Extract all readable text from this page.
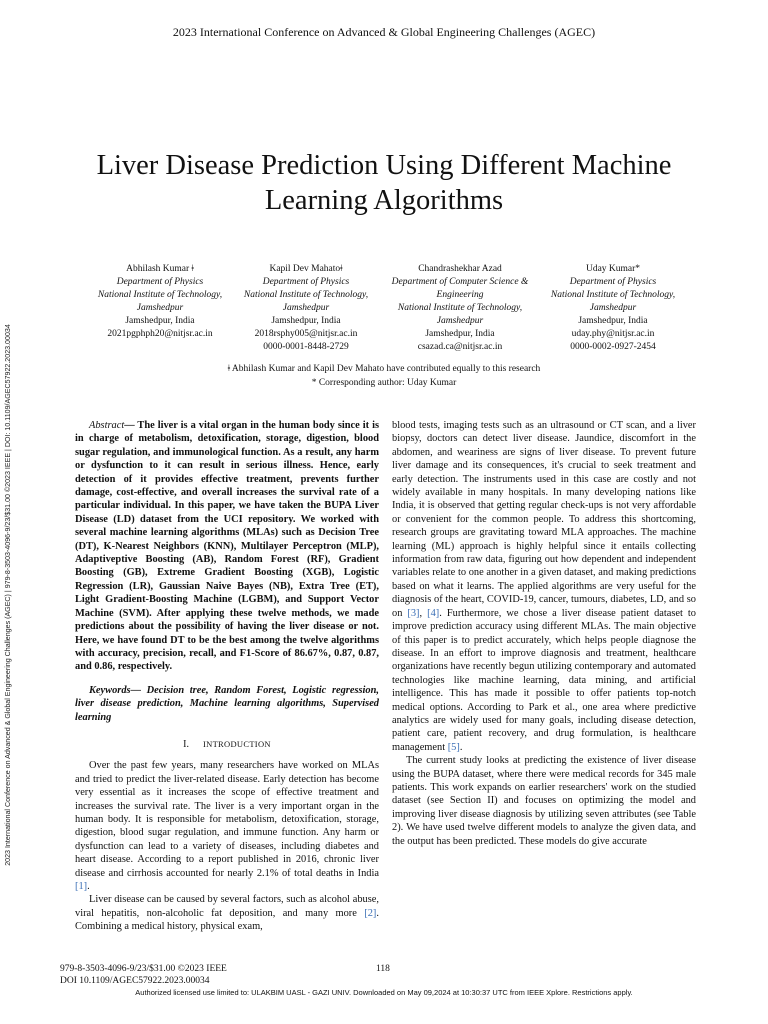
2023 International Conference on Advanced & Global Engineering Challenges (AGEC)
2023 International Conference on Advanced & Global Engineering Challenges (AGEC) | 979-8-3503-4096-9/23/$31.00 ©2023 IEEE | DOI: 10.1109/AGEC57922.2023.00034
Liver Disease Prediction Using Different Machine Learning Algorithms
Abhilash Kumar ǂ
Department of Physics
National Institute of Technology, Jamshedpur
Jamshedpur, India
2021pgphph20@nitjsr.ac.in
Kapil Dev Mahatoǂ
Department of Physics
National Institute of Technology, Jamshedpur
Jamshedpur, India
2018rsphy005@nitjsr.ac.in
0000-0001-8448-2729
Chandrashekhar Azad
Department of Computer Science & Engineering
National Institute of Technology, Jamshedpur
Jamshedpur, India
csazad.ca@nitjsr.ac.in
Uday Kumar*
Department of Physics
National Institute of Technology, Jamshedpur
Jamshedpur, India
uday.phy@nitjsr.ac.in
0000-0002-0927-2454
ǂ Abhilash Kumar and Kapil Dev Mahato have contributed equally to this research
* Corresponding author: Uday Kumar

Abstract— The liver is a vital organ in the human body since it is in charge of metabolism, detoxification, storage, digestion, blood sugar regulation, and immunological function. As a result, any harm or dysfunction to it can result in serious illness. Hence, early detection of it provides effective treatment, prevents further damage, cost-effective, and overall increases the survival rate of a particular individual. In this paper, we have taken the BUPA Liver Disease (LD) dataset from the UCI repository. We worked with several machine learning algorithms (MLAs) such as Decision Tree (DT), K-Nearest Neighbors (KNN), Multilayer Perceptron (MLP), Adaptiveptive Boosting (AB), Random Forest (RF), Gradient Boosting (GB), Extreme Gradient Boosting (XGB), Logistic Regression (LR), Gaussian Naive Bayes (NB), Extra Tree (ET), Light Gradient-Boosting Machine (LGBM), and Support Vector Machine (SVM). After applying these twelve methods, we made predictions about the possibility of having the liver disease or not. Here, we have found DT to be the best among the twelve algorithms with accuracy, precision, recall, and F1-Score of 86.67%, 0.87, 0.87, and 0.86, respectively.

Keywords— Decision tree, Random Forest, Logistic regression, liver disease prediction, Machine learning algorithms, Supervised learning

I. INTRODUCTION

Over the past few years, many researchers have worked on MLAs and tried to predict the liver-related disease. Early detection has become very essential as it increases the scope of effective treatment and increases the survival rate. The liver is a very important organ in the human body. It is responsible for metabolism, detoxification, storage, digestion, blood sugar regulation, and immune function. Any harm or dysfunction can lead to a variety of diseases, including diabetes and heart disease. According to a report published in 2016, chronic liver disease and cirrhosis accounted for nearly 2.1% of total deaths in India [1].

Liver disease can be caused by several factors, such as alcohol abuse, viral hepatitis, non-alcoholic fat deposition, and many more [2]. Combining a medical history, physical exam,

blood tests, imaging tests such as an ultrasound or CT scan, and a liver biopsy, doctors can detect liver disease. Jaundice, discomfort in the abdomen, and weariness are signs of liver disease. To prevent future liver damage and its consequences, it's crucial to seek treatment and early detection. The instruments used in this case are costly and not widely available in many hospitals. In many developing nations like India, it is observed that getting regular check-ups is not very affordable or convenient for the common people. To address this shortcoming, research groups are gravitating toward MLA approaches. The machine learning (ML) approach is highly helpful since it entails collecting information from raw data, figuring out how dependent and independent variables relate to one another in a given dataset, and making predictions based on what it learns. The applied algorithms are very useful for the diagnosis of the heart, COVID-19, cancer, tumours, diabetes, LD, and so on [3], [4]. Furthermore, we chose a liver disease patient dataset to improve prediction accuracy using different MLAs. The main objective of this paper is to predict accurately, which helps people diagnose the disease. In an effort to improve diagnosis and treatment, healthcare organizations have recently begun utilizing contemporary and automated technologies like machine learning, data mining, and artificial intelligence. This has made it possible to offer patients top-notch medical options. According to Park et al., one area where predictive analytics are widely used for many goals, including disease detection, patient care, patient recovery, and drug formulation, is healthcare management [5].

The current study looks at predicting the existence of liver disease using the BUPA dataset, where there were medical records for 345 male patients. This work expands on earlier researchers' work on the studied dataset (see Section II) and focuses on optimizing the model and improving liver disease diagnosis by utilizing seven attributes (see Table 2). We have used twelve different models to analyze the given data, and the output has been predicted. These models do give accurate

979-8-3503-4096-9/23/$31.00 ©2023 IEEE
DOI 10.1109/AGEC57922.2023.00034
118
Authorized licensed use limited to: ULAKBIM UASL - GAZI UNIV. Downloaded on May 09,2024 at 10:30:37 UTC from IEEE Xplore. Restrictions apply.
